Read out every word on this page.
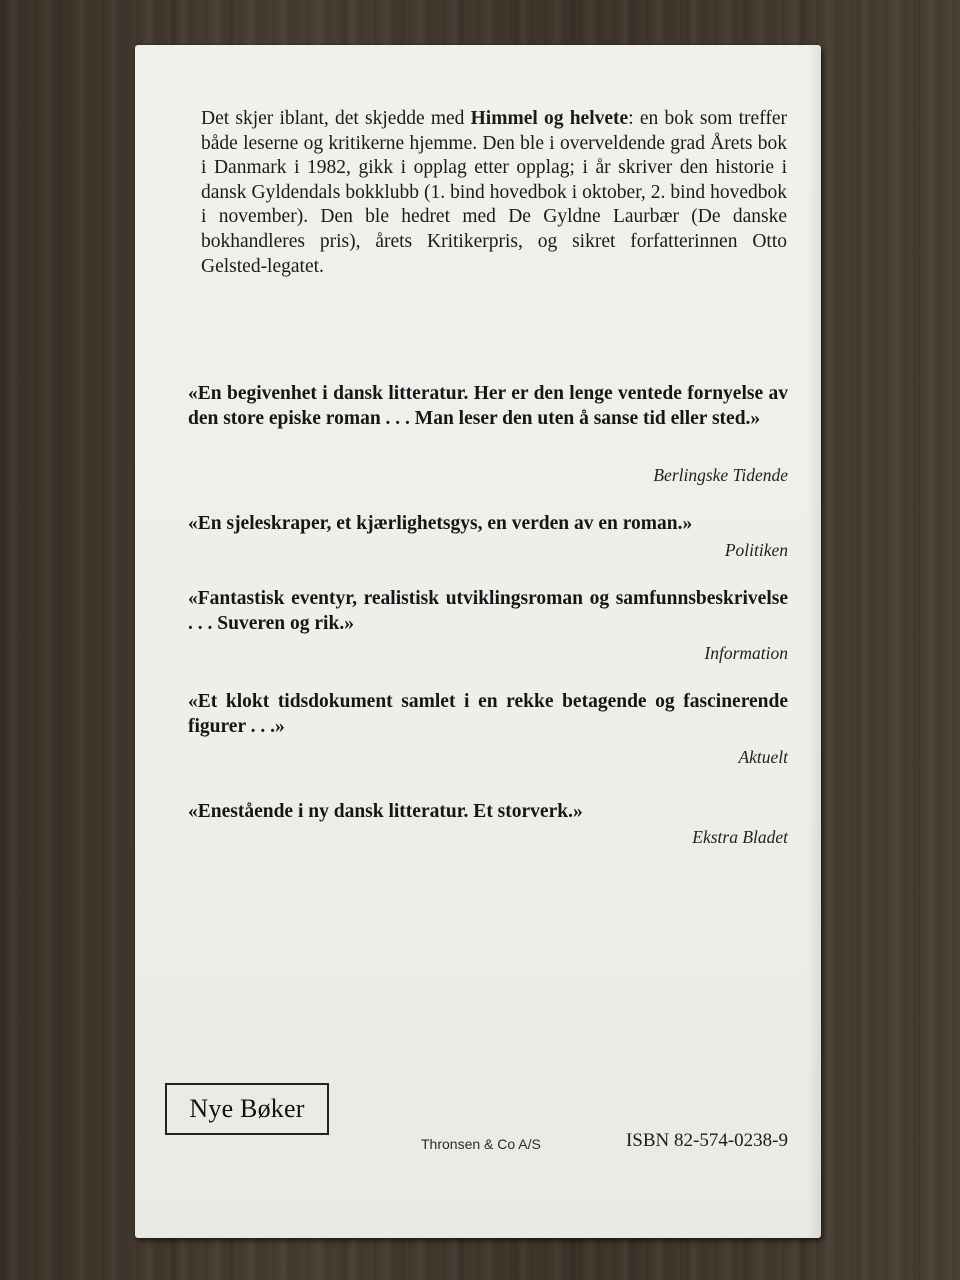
Det skjer iblant, det skjedde med Himmel og helvete: en bok som treffer både leserne og kritikerne hjemme. Den ble i overveldende grad Årets bok i Danmark i 1982, gikk i opplag etter opplag; i år skriver den historie i dansk Gyldendals bokklubb (1. bind hovedbok i oktober, 2. bind hovedbok i november). Den ble hedret med De Gyldne Laurbær (De danske bokhandleres pris), årets Kritikerpris, og sikret forfatterinnen Otto Gelsted-legatet.

«En begivenhet i dansk litteratur. Her er den lenge ventede fornyelse av den store episke roman . . . Man leser den uten å sanse tid eller sted.»

Berlingske Tidende

«En sjeleskraper, et kjærlighetsgys, en verden av en roman.»

Politiken

«Fantastisk eventyr, realistisk utviklingsroman og samfunnsbeskrivelse . . . Suveren og rik.»

Information

«Et klokt tidsdokument samlet i en rekke betagende og fascinerende figurer . . .»

Aktuelt

«Enestående i ny dansk litteratur. Et storverk.»

Ekstra Bladet

Nye Bøker
Thronsen & Co A/S	ISBN 82-574-0238-9
